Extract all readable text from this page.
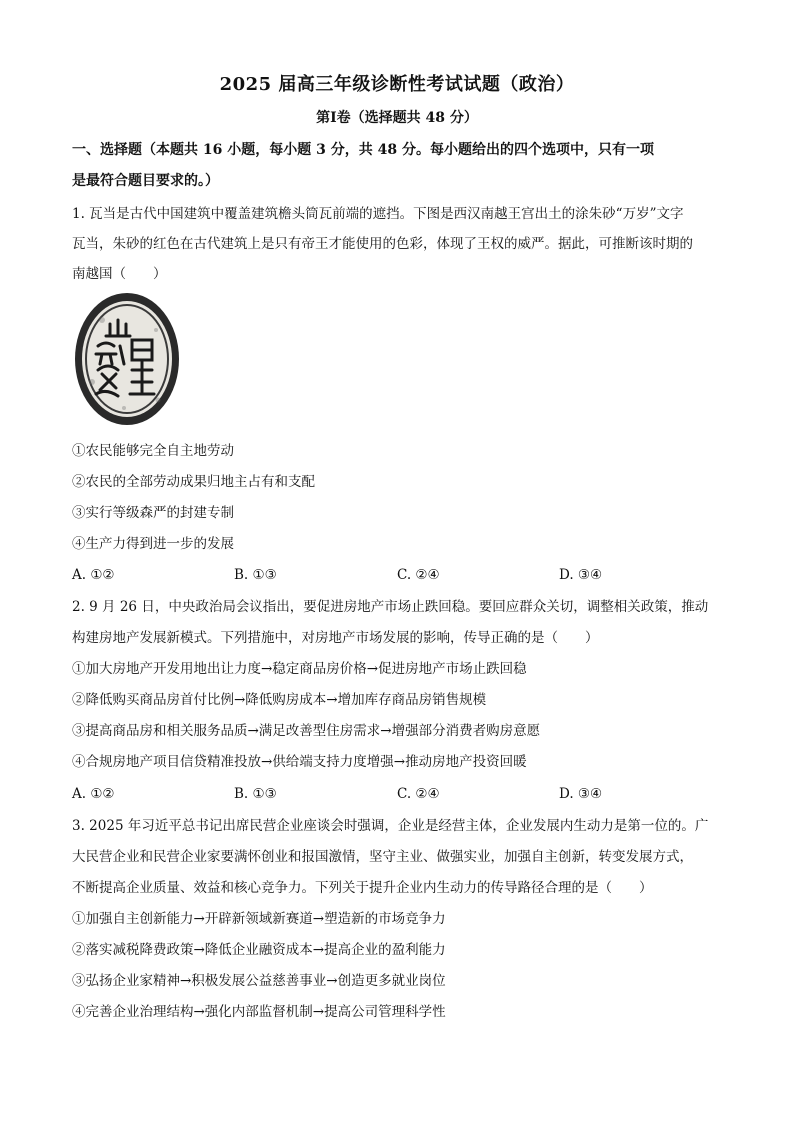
2025 届高三年级诊断性考试试题（政治）
第Ⅰ卷（选择题共 48 分）
一、选择题（本题共 16 小题，每小题 3 分，共 48 分。每小题给出的四个选项中，只有一项
是最符合题目要求的。）
1. 瓦当是古代中国建筑中覆盖建筑檐头筒瓦前端的遮挡。下图是西汉南越王宫出土的涂朱砂“万岁”文字
瓦当，朱砂的红色在古代建筑上是只有帝王才能使用的色彩，体现了王权的威严。据此，可推断该时期的
南越国（　　）
①农民能够完全自主地劳动
②农民的全部劳动成果归地主占有和支配
③实行等级森严的封建专制
④生产力得到进一步的发展
A. ①②	B. ①③	C. ②④	D. ③④
2. 9 月 26 日，中央政治局会议指出，要促进房地产市场止跌回稳。要回应群众关切，调整相关政策，推动
构建房地产发展新模式。下列措施中，对房地产市场发展的影响，传导正确的是（　　）
①加大房地产开发用地出让力度→稳定商品房价格→促进房地产市场止跌回稳
②降低购买商品房首付比例→降低购房成本→增加库存商品房销售规模
③提高商品房和相关服务品质→满足改善型住房需求→增强部分消费者购房意愿
④合规房地产项目信贷精准投放→供给端支持力度增强→推动房地产投资回暖
A. ①②	B. ①③	C. ②④	D. ③④
3. 2025 年习近平总书记出席民营企业座谈会时强调，企业是经营主体，企业发展内生动力是第一位的。广
大民营企业和民营企业家要满怀创业和报国激情，坚守主业、做强实业，加强自主创新，转变发展方式，
不断提高企业质量、效益和核心竞争力。下列关于提升企业内生动力的传导路径合理的是（　　）
①加强自主创新能力→开辟新领域新赛道→塑造新的市场竞争力
②落实减税降费政策→降低企业融资成本→提高企业的盈利能力
③弘扬企业家精神→积极发展公益慈善事业→创造更多就业岗位
④完善企业治理结构→强化内部监督机制→提高公司管理科学性
